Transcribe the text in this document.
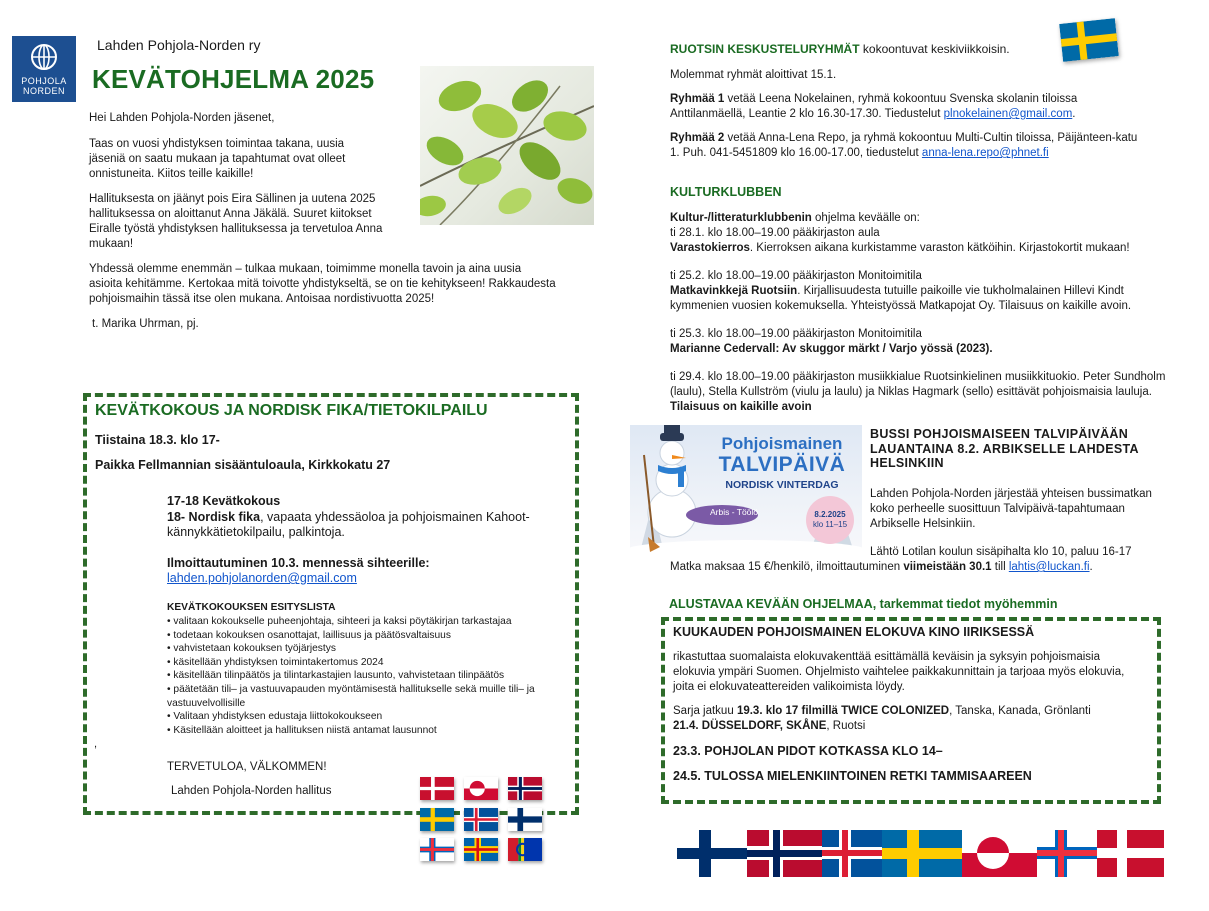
POHJOLA
NORDEN
Lahden Pohjola-Norden ry
KEVÄTOHJELMA 2025

Hei Lahden Pohjola-Norden jäsenet,

Taas on vuosi yhdistyksen toimintaa takana, uusia jäseniä on saatu mukaan ja tapahtumat ovat olleet onnistuneita. Kiitos teille kaikille!

Hallituksesta on jäänyt pois Eira Sällinen ja uutena 2025 hallituksessa on aloittanut Anna Jäkälä. Suuret kiitokset Eiralle työstä yhdistyksen hallituksessa ja tervetuloa Anna mukaan!

Yhdessä olemme enemmän – tulkaa mukaan, toimimme monella tavoin ja aina uusia asioita kehitämme. Kertokaa mitä toivotte yhdistykseltä, se on tie kehitykseen! Rakkaudesta pohjoismaihin tässä itse olen mukana. Antoisaa nordistivuotta 2025!

t. Marika Uhrman, pj.

KEVÄTKOKOUS JA NORDISK FIKA/TIETOKILPAILU
Tiistaina 18.3. klo 17-
Paikka Fellmannian sisääntuloaula, Kirkkokatu 27

17-18 Kevätkokous

18- Nordisk fika, vapaata yhdessäoloa ja pohjoismainen Kahoot-kännykkätietokilpailu, palkintoja.

Ilmoittautuminen 10.3. mennessä sihteerille:

lahden.pohjolanorden@gmail.com

KEVÄTKOKOUKSEN ESITYSLISTA
• valitaan kokoukselle puheenjohtaja, sihteeri ja kaksi pöytäkirjan tarkastajaa
• todetaan kokouksen osanottajat, laillisuus ja päätösvaltaisuus
• vahvistetaan kokouksen työjärjestys
• käsitellään yhdistyksen toimintakertomus 2024
• käsitellään tilinpäätös ja tilintarkastajien lausunto, vahvistetaan tilinpäätös
• päätetään tili– ja vastuuvapauden myöntämisestä hallitukselle sekä muille tili– ja vastuuvelvollisille
• Valitaan yhdistyksen edustaja liittokokoukseen
• Käsitellään aloitteet ja hallituksen niistä antamat lausunnot
,
TERVETULOA, VÄLKOMMEN!
Lahden Pohjola-Norden hallitus
RUOTSIN KESKUSTELURYHMÄT kokoontuvat keskiviikkoisin.

Molemmat ryhmät aloittivat 15.1.

Ryhmää 1 vetää Leena Nokelainen, ryhmä kokoontuu Svenska skolanin tiloissa Anttilanmäellä, Leantie 2 klo 16.30-17.30. Tiedustelut plnokelainen@gmail.com.

Ryhmää 2 vetää Anna-Lena Repo, ja ryhmä kokoontuu Multi-Cultin tiloissa, Päijänteen-katu 1. Puh. 041-5451809 klo 16.00-17.00, tiedustelut anna-lena.repo@phnet.fi

KULTURKLUBBEN

Kultur-/litteraturklubbenin ohjelma keväälle on:

ti 28.1. klo 18.00–19.00 pääkirjaston aula

Varastokierros. Kierroksen aikana kurkistamme varaston kätköihin. Kirjastokortit mukaan!

ti 25.2. klo 18.00–19.00 pääkirjaston Monitoimitila

Matkavinkkejä Ruotsiin. Kirjallisuudesta tutuille paikoille vie tukholmalainen Hillevi Kindt kymmenien vuosien kokemuksella. Yhteistyössä Matkapojat Oy. Tilaisuus on kaikille avoin.

ti 25.3. klo 18.00–19.00 pääkirjaston Monitoimitila

Marianne Cedervall: Av skuggor märkt / Varjo yössä (2023).

ti 29.4. klo 18.00–19.00 pääkirjaston musiikkialue Ruotsinkielinen musiikkituokio. Peter Sundholm (laulu), Stella Kullström (viulu ja laulu) ja Niklas Hagmark (sello) esittävät pohjoismaisia lauluja. Tilaisuus on kaikille avoin

Pohjoismainen
TALVIPÄIVÄ
NORDISK VINTERDAG
Arbis - Töölö	8.2.2025
klo 11–15
BUSSI POHJOISMAISEEN TALVIPÄIVÄÄN LAUANTAINA 8.2. ARBIKSELLE LAHDESTA HELSINKIIN
Lahden Pohjola-Norden järjestää yhteisen bussimatkan koko perheelle suosittuun Talvipäivä-tapahtumaan Arbikselle Helsinkiin.
Lähtö Lotilan koulun sisäpihalta klo 10, paluu 16-17
Matka maksaa 15 €/henkilö, ilmoittautuminen viimeistään 30.1 till lahtis@luckan.fi.
ALUSTAVAA KEVÄÄN OHJELMAA, tarkemmat tiedot myöhemmin
KUUKAUDEN POHJOISMAINEN ELOKUVA KINO IIRIKSESSÄ
rikastuttaa suomalaista elokuvakenttää esittämällä keväisin ja syksyin pohjoismaisia elokuvia ympäri Suomen. Ohjelmisto vaihtelee paikkakunnittain ja tarjoaa myös elokuvia, joita ei elokuvateattereiden valikoimista löydy.

Sarja jatkuu 19.3. klo 17 filmillä TWICE COLONIZED, Tanska, Kanada, Grönlanti

21.4. DÜSSELDORF, SKÅNE, Ruotsi

23.3. POHJOLAN PIDOT KOTKASSA KLO 14–
24.5. TULOSSA MIELENKIINTOINEN RETKI TAMMISAAREEN
